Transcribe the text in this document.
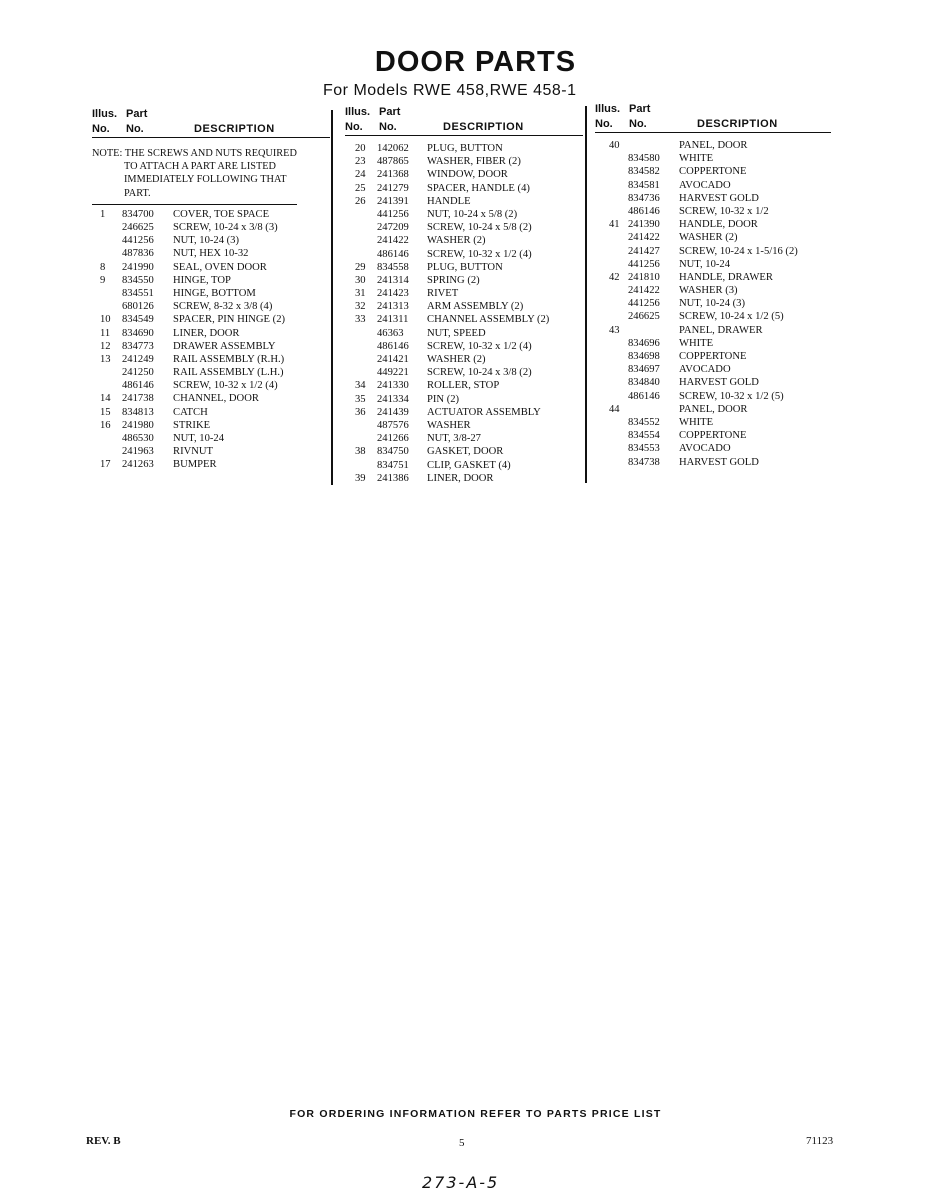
DOOR PARTS
For Models RWE 458,RWE 458-1
Illus. Part
No. No.	DESCRIPTION
NOTE: THE SCREWS AND NUTS REQUIRED
TO ATTACH A PART ARE LISTED
IMMEDIATELY FOLLOWING THAT
PART.
1 834700 COVER, TOE SPACE
246625 SCREW, 10-24 x 3/8 (3)
441256 NUT, 10-24 (3)
487836 NUT, HEX 10-32
8 241990 SEAL, OVEN DOOR
9 834550 HINGE, TOP
834551 HINGE, BOTTOM
680126 SCREW, 8-32 x 3/8 (4)
10 834549 SPACER, PIN HINGE (2)
11 834690 LINER, DOOR
12 834773 DRAWER ASSEMBLY
13 241249 RAIL ASSEMBLY (R.H.)
241250 RAIL ASSEMBLY (L.H.)
486146 SCREW, 10-32 x 1/2 (4)
14 241738 CHANNEL, DOOR
15 834813 CATCH
16 241980 STRIKE
486530 NUT, 10-24
241963 RIVNUT
17 241263 BUMPER
Illus. Part
No. No.	DESCRIPTION
20 142062 PLUG, BUTTON
23 487865 WASHER, FIBER (2)
24 241368 WINDOW, DOOR
25 241279 SPACER, HANDLE (4)
26 241391 HANDLE
441256 NUT, 10-24 x 5/8 (2)
247209 SCREW, 10-24 x 5/8 (2)
241422 WASHER (2)
486146 SCREW, 10-32 x 1/2 (4)
29 834558 PLUG, BUTTON
30 241314 SPRING (2)
31 241423 RIVET
32 241313 ARM ASSEMBLY (2)
33 241311 CHANNEL ASSEMBLY (2)
46363 NUT, SPEED
486146 SCREW, 10-32 x 1/2 (4)
241421 WASHER (2)
449221 SCREW, 10-24 x 3/8 (2)
34 241330 ROLLER, STOP
35 241334 PIN (2)
36 241439 ACTUATOR ASSEMBLY
487576 WASHER
241266 NUT, 3/8-27
38 834750 GASKET, DOOR
834751 CLIP, GASKET (4)
39 241386 LINER, DOOR
Illus. Part
No. No.	DESCRIPTION
40	PANEL, DOOR
834580 WHITE
834582 COPPERTONE
834581 AVOCADO
834736 HARVEST GOLD
486146 SCREW, 10-32 x 1/2
41 241390 HANDLE, DOOR
241422 WASHER (2)
241427 SCREW, 10-24 x 1-5/16 (2)
441256 NUT, 10-24
42 241810 HANDLE, DRAWER
241422 WASHER (3)
441256 NUT, 10-24 (3)
246625 SCREW, 10-24 x 1/2 (5)
43	PANEL, DRAWER
834696 WHITE
834698 COPPERTONE
834697 AVOCADO
834840 HARVEST GOLD
486146 SCREW, 10-32 x 1/2 (5)
44	PANEL, DOOR
834552 WHITE
834554 COPPERTONE
834553 AVOCADO
834738 HARVEST GOLD
FOR ORDERING INFORMATION REFER TO PARTS PRICE LIST
REV. B	5	71123
273-A-5
